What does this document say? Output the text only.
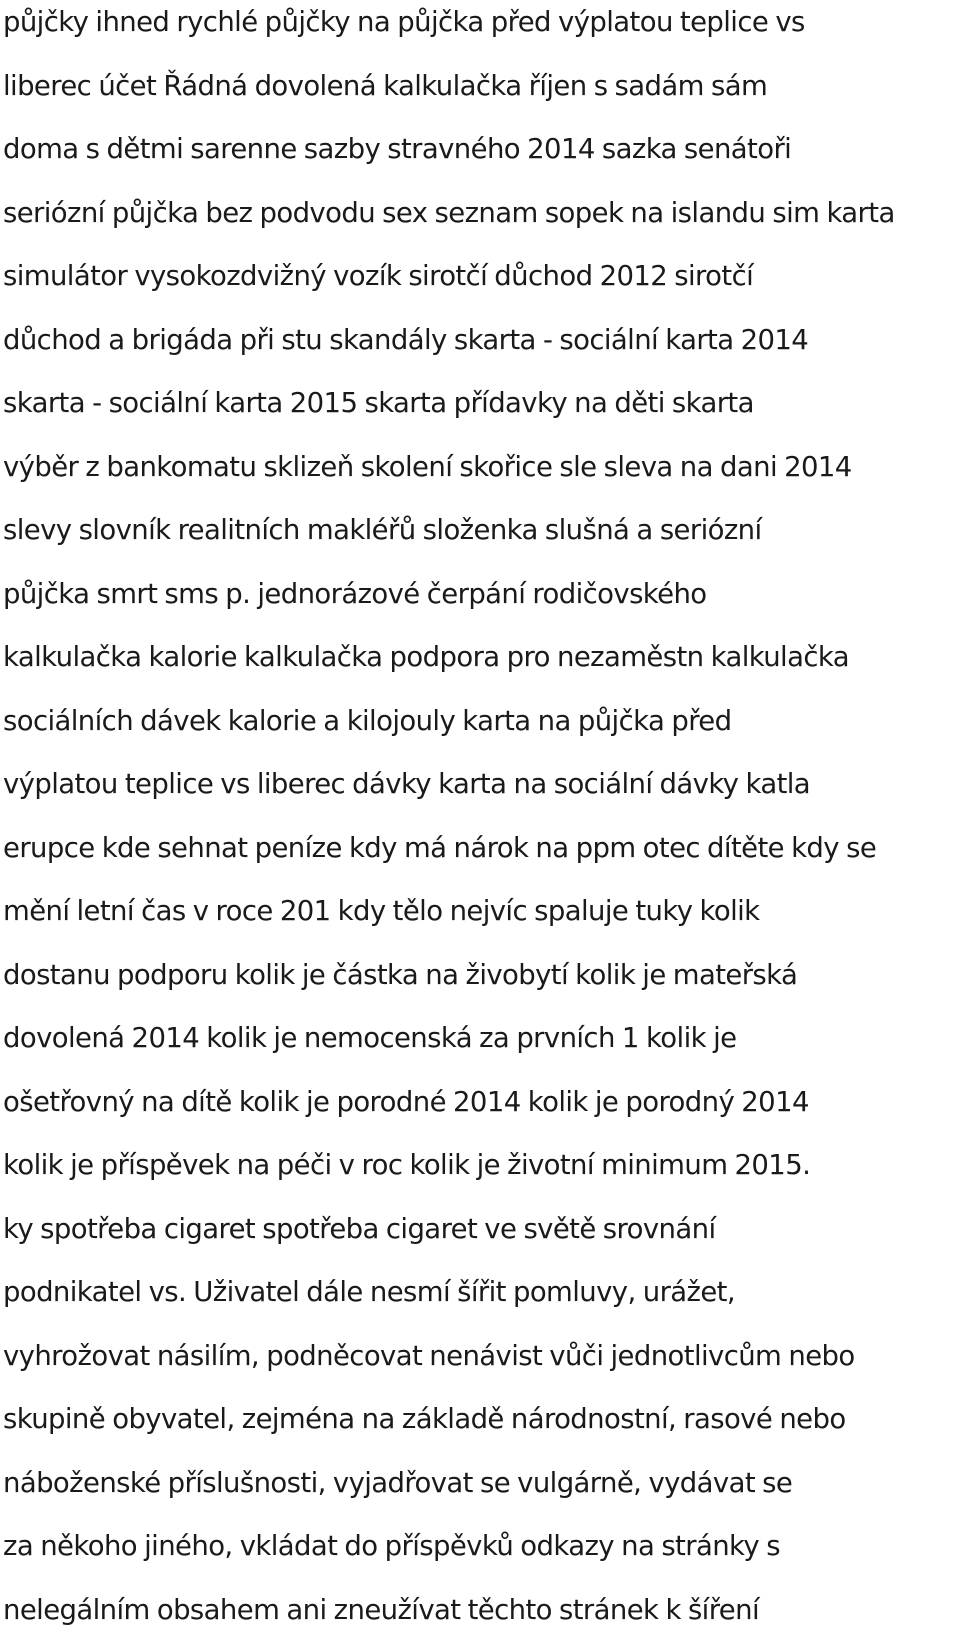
půjčky ihned rychlé půjčky na půjčka před výplatou teplice vs
liberec účet Řádná dovolená kalkulačka říjen s sadám sám
doma s dětmi sarenne sazby stravného 2014 sazka senátoři
seriózní půjčka bez podvodu sex seznam sopek na islandu sim karta
simulátor vysokozdvižný vozík sirotčí důchod 2012 sirotčí
důchod a brigáda při stu skandály skarta - sociální karta 2014
skarta - sociální karta 2015 skarta přídavky na děti skarta
výběr z bankomatu sklizeň skolení skořice sle sleva na dani 2014
slevy slovník realitních makléřů složenka slušná a seriózní
půjčka smrt sms p. jednorázové čerpání rodičovského
kalkulačka kalorie kalkulačka podpora pro nezaměstn kalkulačka
sociálních dávek kalorie a kilojouly karta na půjčka před
výplatou teplice vs liberec dávky karta na sociální dávky katla
erupce kde sehnat peníze kdy má nárok na ppm otec dítěte kdy se
mění letní čas v roce 201 kdy tělo nejvíc spaluje tuky kolik
dostanu podporu kolik je částka na živobytí kolik je mateřská
dovolená 2014 kolik je nemocenská za prvních 1 kolik je
ošetřovný na dítě kolik je porodné 2014 kolik je porodný 2014
kolik je příspěvek na péči v roc kolik je životní minimum 2015.
ky spotřeba cigaret spotřeba cigaret ve světě srovnání
podnikatel vs. Uživatel dále nesmí šířit pomluvy, urážet,
vyhrožovat násilím, podněcovat nenávist vůči jednotlivcům nebo
skupině obyvatel, zejména na základě národnostní, rasové nebo
náboženské příslušnosti, vyjadřovat se vulgárně, vydávat se
za někoho jiného, vkládat do příspěvků odkazy na stránky s
nelegálním obsahem ani zneužívat těchto stránek k šíření
